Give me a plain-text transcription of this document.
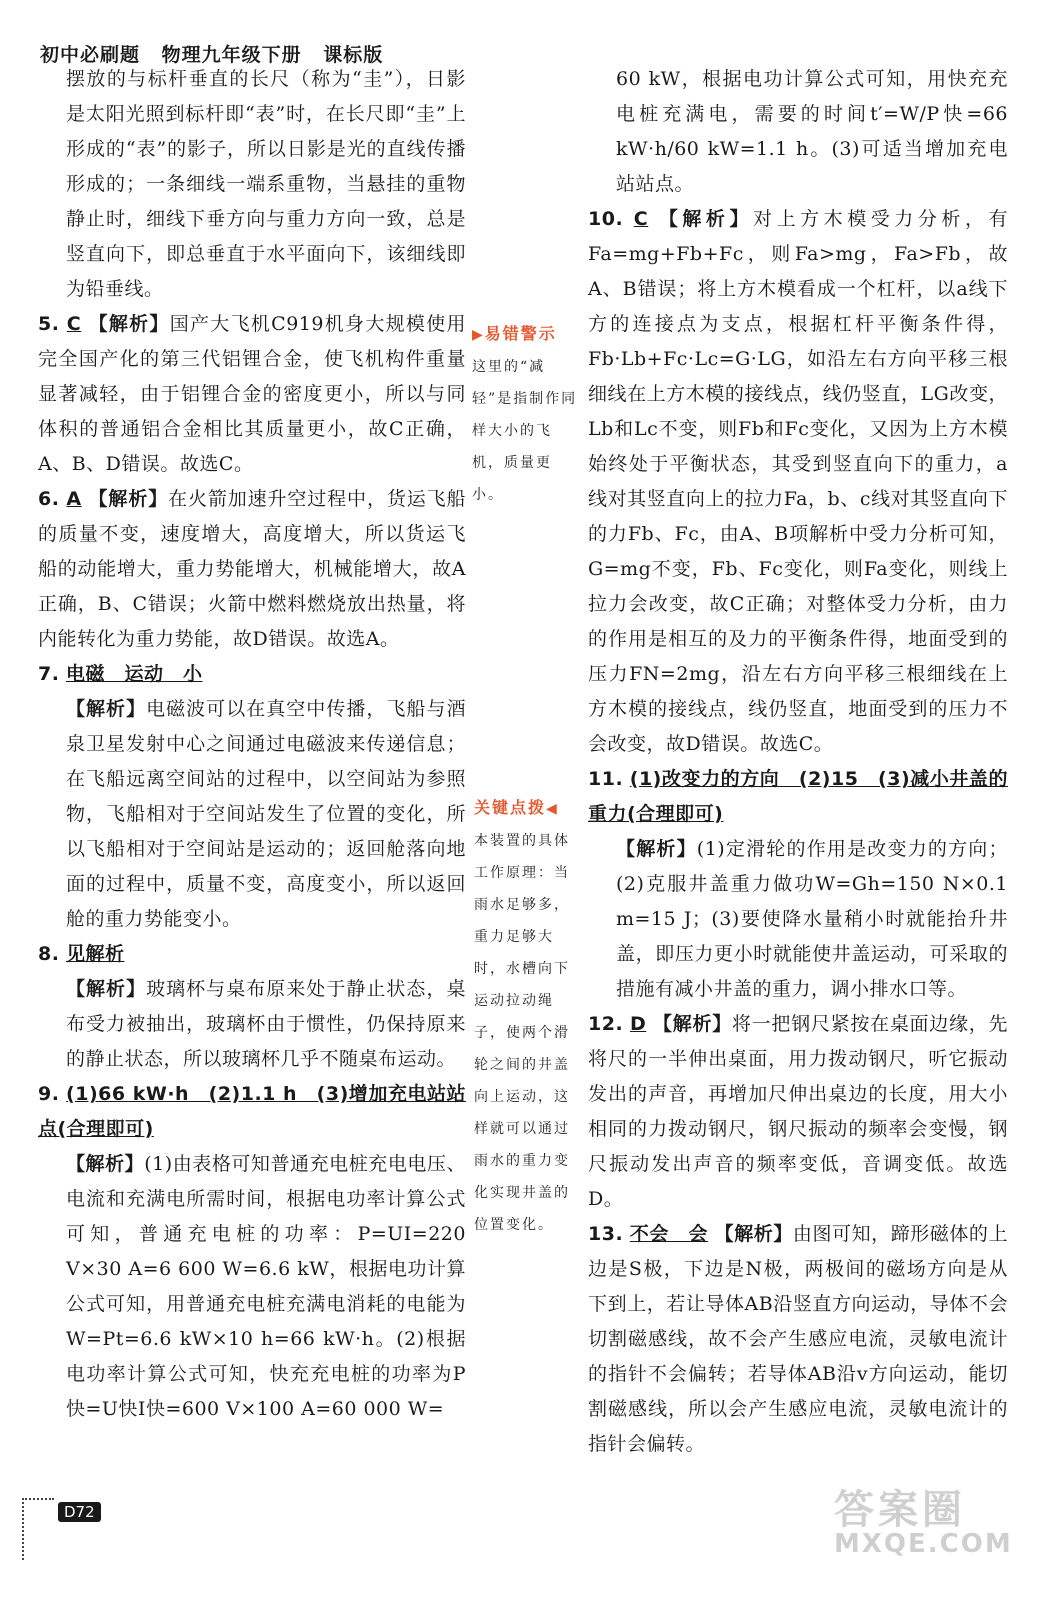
初中必刷题 物理九年级下册 课标版

摆放的与标杆垂直的长尺（称为“圭”），日影是太阳光照到标杆即“表”时，在长尺即“圭”上形成的“表”的影子，所以日影是光的直线传播形成的；一条细线一端系重物，当悬挂的重物静止时，细线下垂方向与重力方向一致，总是竖直向下，即总垂直于水平面向下，该细线即为铅垂线。

5. C 【解析】国产大飞机C919机身大规模使用完全国产化的第三代铝锂合金，使飞机构件重量显著减轻，由于铝锂合金的密度更小，所以与同体积的普通铝合金相比其质量更小，故C正确，A、B、D错误。故选C。

6. A 【解析】在火箭加速升空过程中，货运飞船的质量不变，速度增大，高度增大，所以货运飞船的动能增大，重力势能增大，机械能增大，故A正确，B、C错误；火箭中燃料燃烧放出热量，将内能转化为重力势能，故D错误。故选A。

7. 电磁　运动　小

【解析】电磁波可以在真空中传播，飞船与酒泉卫星发射中心之间通过电磁波来传递信息；在飞船远离空间站的过程中，以空间站为参照物，飞船相对于空间站发生了位置的变化，所以飞船相对于空间站是运动的；返回舱落向地面的过程中，质量不变，高度变小，所以返回舱的重力势能变小。

8. 见解析

【解析】玻璃杯与桌布原来处于静止状态，桌布受力被抽出，玻璃杯由于惯性，仍保持原来的静止状态，所以玻璃杯几乎不随桌布运动。

9. (1)66 kW·h　(2)1.1 h　(3)增加充电站站点(合理即可)

【解析】(1)由表格可知普通充电桩充电电压、电流和充满电所需时间，根据电功率计算公式可知，普通充电桩的功率：P=UI=220 V×30 A=6 600 W=6.6 kW，根据电功计算公式可知，用普通充电桩充满电消耗的电能为W=Pt=6.6 kW×10 h=66 kW·h。(2)根据电功率计算公式可知，快充充电桩的功率为P快=U快I快=600 V×100 A=60 000 W=

▶易错警示
这里的“减轻”是指制作同样大小的飞机，质量更小。
关键点拨◀
本装置的具体工作原理：当雨水足够多，重力足够大时，水槽向下运动拉动绳子，使两个滑轮之间的井盖向上运动，这样就可以通过雨水的重力变化实现井盖的位置变化。

60 kW，根据电功计算公式可知，用快充充电桩充满电，需要的时间t′=W/P快=66 kW·h/60 kW=1.1 h。(3)可适当增加充电站站点。

10. C 【解析】对上方木模受力分析，有Fa=mg+Fb+Fc，则Fa>mg，Fa>Fb，故A、B错误；将上方木模看成一个杠杆，以a线下方的连接点为支点，根据杠杆平衡条件得，Fb·Lb+Fc·Lc=G·LG，如沿左右方向平移三根细线在上方木模的接线点，线仍竖直，LG改变，Lb和Lc不变，则Fb和Fc变化，又因为上方木模始终处于平衡状态，其受到竖直向下的重力，a线对其竖直向上的拉力Fa，b、c线对其竖直向下的力Fb、Fc，由A、B项解析中受力分析可知，G=mg不变，Fb、Fc变化，则Fa变化，则线上拉力会改变，故C正确；对整体受力分析，由力的作用是相互的及力的平衡条件得，地面受到的压力FN=2mg，沿左右方向平移三根细线在上方木模的接线点，线仍竖直，地面受到的压力不会改变，故D错误。故选C。

11. (1)改变力的方向　(2)15　(3)减小井盖的重力(合理即可)

【解析】(1)定滑轮的作用是改变力的方向；(2)克服井盖重力做功W=Gh=150 N×0.1 m=15 J；(3)要使降水量稍小时就能抬升井盖，即压力更小时就能使井盖运动，可采取的措施有减小井盖的重力，调小排水口等。

12. D 【解析】将一把钢尺紧按在桌面边缘，先将尺的一半伸出桌面，用力拨动钢尺，听它振动发出的声音，再增加尺伸出桌边的长度，用大小相同的力拨动钢尺，钢尺振动的频率会变慢，钢尺振动发出声音的频率变低，音调变低。故选D。

13. 不会　会 【解析】由图可知，蹄形磁体的上边是S极，下边是N极，两极间的磁场方向是从下到上，若让导体AB沿竖直方向运动，导体不会切割磁感线，故不会产生感应电流，灵敏电流计的指针不会偏转；若导体AB沿v方向运动，能切割磁感线，所以会产生感应电流，灵敏电流计的指针会偏转。

D72	答案圈
MXQE.COM
